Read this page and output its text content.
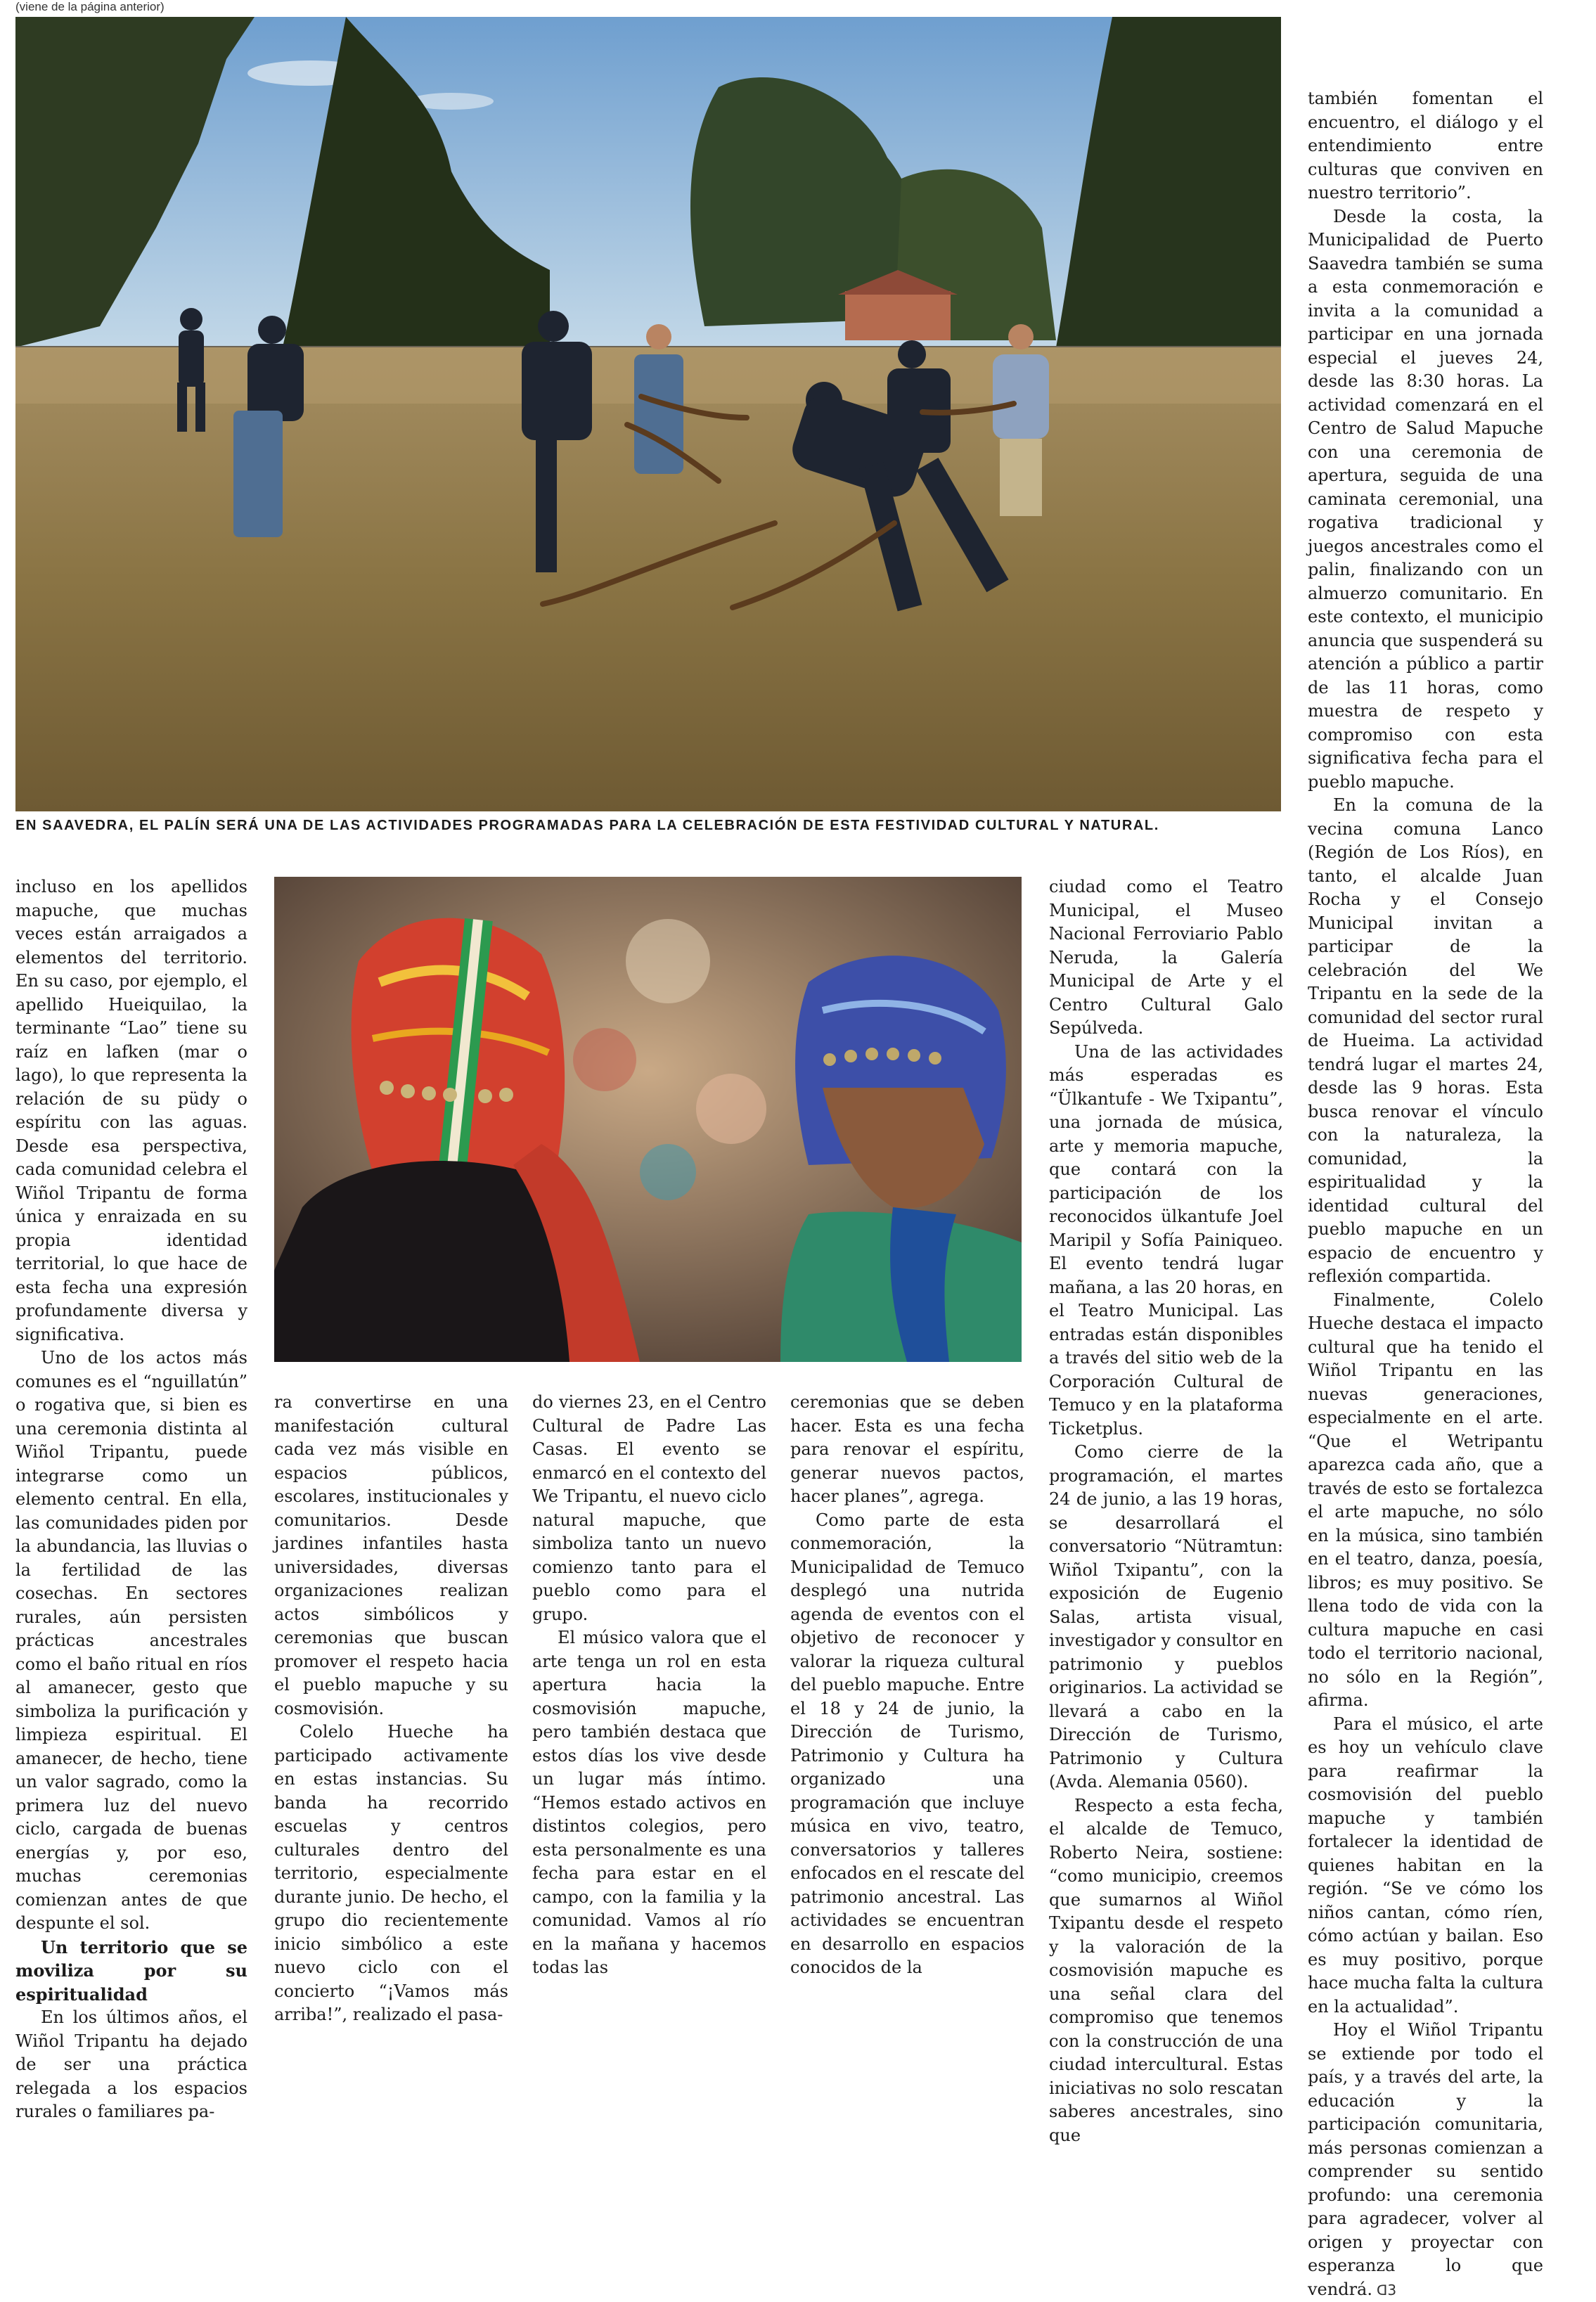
(viene de la página anterior)
EN SAAVEDRA, EL PALÍN SERÁ UNA DE LAS ACTIVIDADES PROGRAMADAS PARA LA CELEBRACIÓN DE ESTA FESTIVIDAD CULTURAL Y NATURAL.

incluso en los apellidos mapuche, que muchas veces están arraigados a elementos del territorio. En su caso, por ejemplo, el apellido Hueiquilao, la terminante “Lao” tiene su raíz en lafken (mar o lago), lo que representa la relación de su püdy o espíritu con las aguas. Desde esa perspectiva, cada comunidad celebra el Wiñol Tripantu de forma única y enraizada en su propia identidad territorial, lo que hace de esta fecha una expresión profundamente diversa y significativa.

Uno de los actos más comunes es el “nguillatún” o rogativa que, si bien es una ceremonia distinta al Wiñol Tripantu, puede integrarse como un elemento central. En ella, las comunidades piden por la abundancia, las lluvias o la fertilidad de las cosechas. En sectores rurales, aún persisten prácticas ancestrales como el baño ritual en ríos al amanecer, gesto que simboliza la purificación y limpieza espiritual. El amanecer, de hecho, tiene un valor sagrado, como la primera luz del nuevo ciclo, cargada de buenas energías y, por eso, muchas ceremonias comienzan antes de que despunte el sol.

Un territorio que se moviliza por su espiritualidad

En los últimos años, el Wiñol Tripantu ha dejado de ser una práctica relegada a los espacios rurales o familiares pa-

ra convertirse en una manifestación cultural cada vez más visible en espacios públicos, escolares, institucionales y comunitarios. Desde jardines infantiles hasta universidades, diversas organizaciones realizan actos simbólicos y ceremonias que buscan promover el respeto hacia el pueblo mapuche y su cosmovisión.

Colelo Hueche ha participado activamente en estas instancias. Su banda ha recorrido escuelas y centros culturales dentro del territorio, especialmente durante junio. De hecho, el grupo dio recientemente inicio simbólico a este nuevo ciclo con el concierto “¡Vamos más arriba!”, realizado el pasa-

do viernes 23, en el Centro Cultural de Padre Las Casas. El evento se enmarcó en el contexto del We Tripantu, el nuevo ciclo natural mapuche, que simboliza tanto un nuevo comienzo tanto para el pueblo como para el grupo.

El músico valora que el arte tenga un rol en esta apertura hacia la cosmovisión mapuche, pero también destaca que estos días los vive desde un lugar más íntimo. “Hemos estado activos en distintos colegios, pero esta personalmente es una fecha para estar en el campo, con la familia y la comunidad. Vamos al río en la mañana y hacemos todas las

ceremonias que se deben hacer. Esta es una fecha para renovar el espíritu, generar nuevos pactos, hacer planes”, agrega.

Como parte de esta conmemoración, la Municipalidad de Temuco desplegó una nutrida agenda de eventos con el objetivo de reconocer y valorar la riqueza cultural del pueblo mapuche. Entre el 18 y 24 de junio, la Dirección de Turismo, Patrimonio y Cultura ha organizado una programación que incluye música en vivo, teatro, conversatorios y talleres enfocados en el rescate del patrimonio ancestral. Las actividades se encuentran en desarrollo en espacios conocidos de la

ciudad como el Teatro Municipal, el Museo Nacional Ferroviario Pablo Neruda, la Galería Municipal de Arte y el Centro Cultural Galo Sepúlveda.

Una de las actividades más esperadas es “Ülkantufe - We Txipantu”, una jornada de música, arte y memoria mapuche, que contará con la participación de los reconocidos ülkantufe Joel Maripil y Sofía Painiqueo. El evento tendrá lugar mañana, a las 20 horas, en el Teatro Municipal. Las entradas están disponibles a través del sitio web de la Corporación Cultural de Temuco y en la plataforma Ticketplus.

Como cierre de la programación, el martes 24 de junio, a las 19 horas, se desarrollará el conversatorio “Nütramtun: Wiñol Txipantu”, con la exposición de Eugenio Salas, artista visual, investigador y consultor en patrimonio y pueblos originarios. La actividad se llevará a cabo en la Dirección de Turismo, Patrimonio y Cultura (Avda. Alemania 0560).

Respecto a esta fecha, el alcalde de Temuco, Roberto Neira, sostiene: “como municipio, creemos que sumarnos al Wiñol Txipantu desde el respeto y la valoración de la cosmovisión mapuche es una señal clara del compromiso que tenemos con la construcción de una ciudad intercultural. Estas iniciativas no solo rescatan saberes ancestrales, sino que

también fomentan el encuentro, el diálogo y el entendimiento entre culturas que conviven en nuestro territorio”.

Desde la costa, la Municipalidad de Puerto Saavedra también se suma a esta conmemoración e invita a la comunidad a participar en una jornada especial el jueves 24, desde las 8:30 horas. La actividad comenzará en el Centro de Salud Mapuche con una ceremonia de apertura, seguida de una caminata ceremonial, una rogativa tradicional y juegos ancestrales como el palin, finalizando con un almuerzo comunitario. En este contexto, el municipio anuncia que suspenderá su atención a público a partir de las 11 horas, como muestra de respeto y compromiso con esta significativa fecha para el pueblo mapuche.

En la comuna de la vecina comuna Lanco (Región de Los Ríos), en tanto, el alcalde Juan Rocha y el Consejo Municipal invitan a participar de la celebración del We Tripantu en la sede de la comunidad del sector rural de Hueima. La actividad tendrá lugar el martes 24, desde las 9 horas. Esta busca renovar el vínculo con la naturaleza, la comunidad, la espiritualidad y la identidad cultural del pueblo mapuche en un espacio de encuentro y reflexión compartida.

Finalmente, Colelo Hueche destaca el impacto cultural que ha tenido el Wiñol Tripantu en las nuevas generaciones, especialmente en el arte. “Que el Wetripantu aparezca cada año, que a través de esto se fortalezca el arte mapuche, no sólo en la música, sino también en el teatro, danza, poesía, libros; es muy positivo. Se llena todo de vida con la cultura mapuche en casi todo el territorio nacional, no sólo en la Región”, afirma.

Para el músico, el arte es hoy un vehículo clave para reafirmar la cosmovisión del pueblo mapuche y también fortalecer la identidad de quienes habitan en la región. “Se ve cómo los niños cantan, cómo ríen, cómo actúan y bailan. Eso es muy positivo, porque hace mucha falta la cultura en la actualidad”.

Hoy el Wiñol Tripantu se extiende por todo el país, y a través del arte, la educación y la participación comunitaria, más personas comienzan a comprender su sentido profundo: una ceremonia para agradecer, volver al origen y proyectar con esperanza lo que vendrá. ᗡ3
